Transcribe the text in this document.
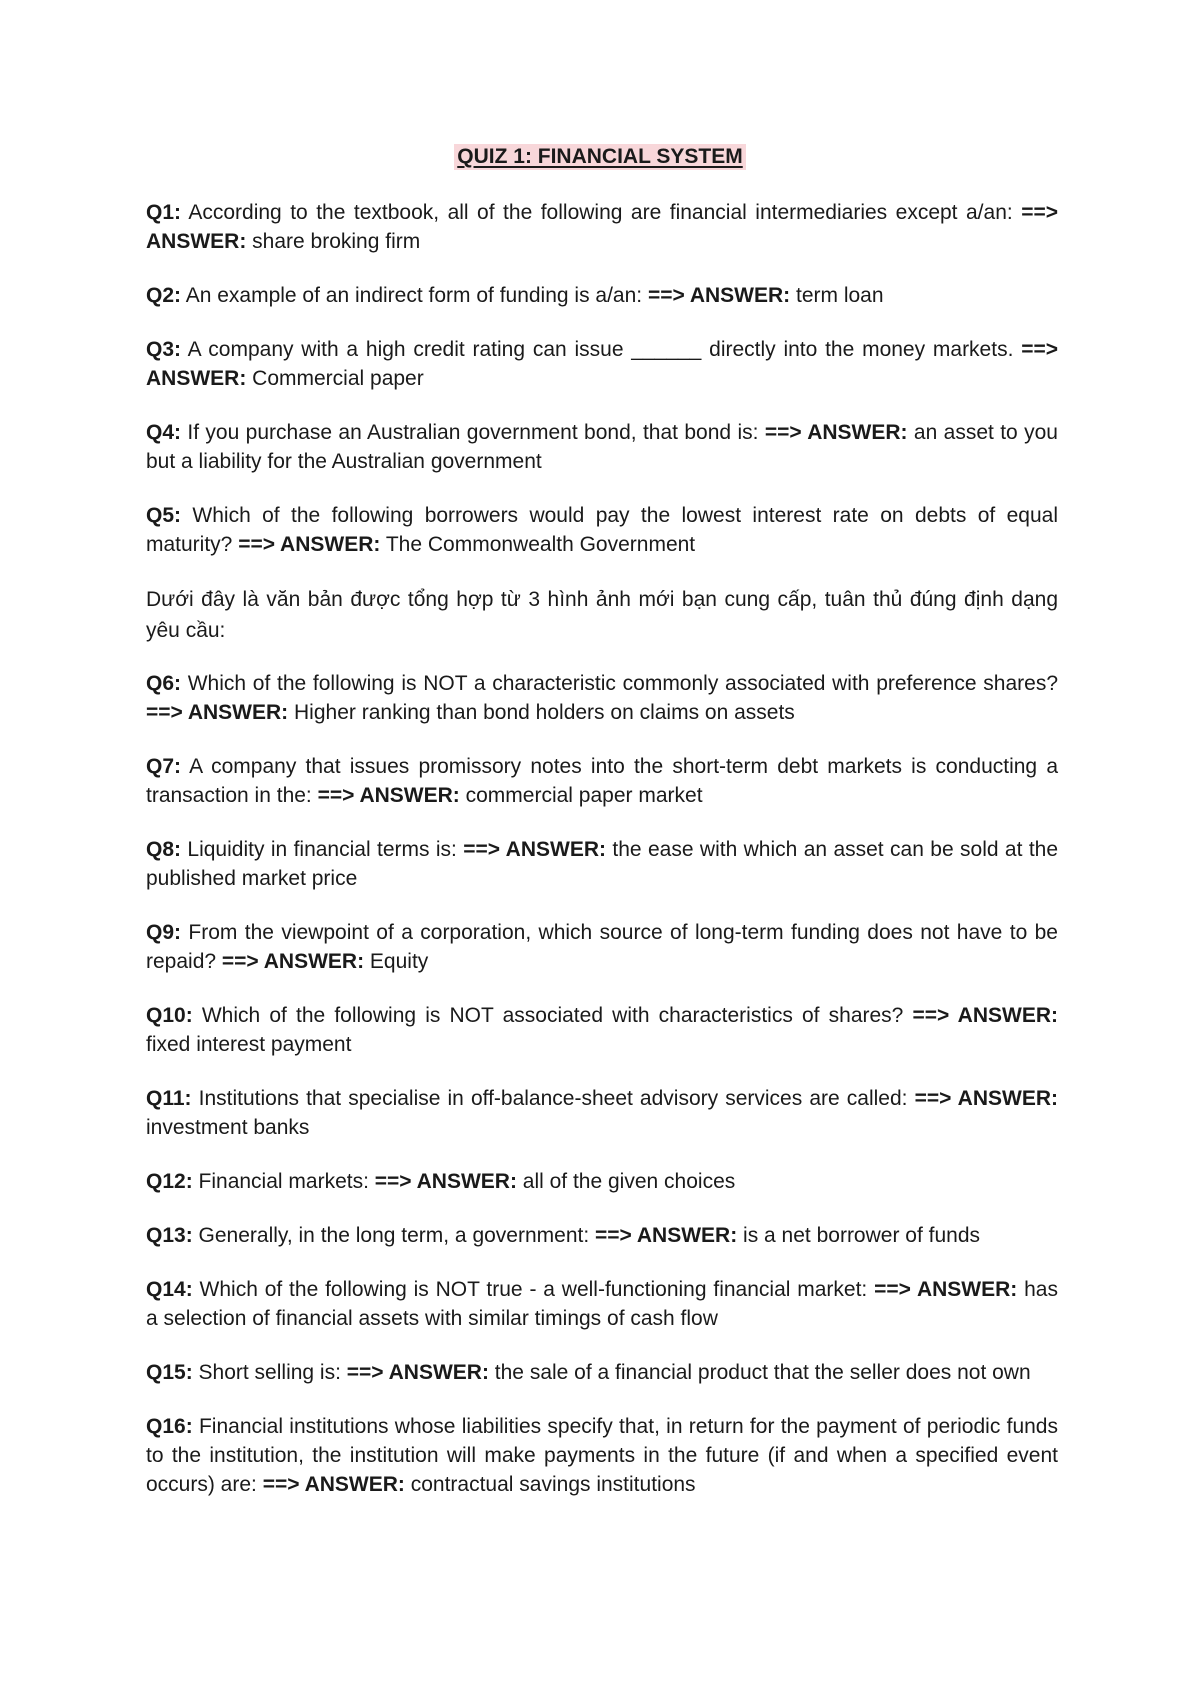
QUIZ 1: FINANCIAL SYSTEM

Q1: According to the textbook, all of the following are financial intermediaries except a/an: ==> ANSWER: share broking firm

Q2: An example of an indirect form of funding is a/an: ==> ANSWER: term loan

Q3: A company with a high credit rating can issue ______ directly into the money markets. ==> ANSWER: Commercial paper

Q4: If you purchase an Australian government bond, that bond is: ==> ANSWER: an asset to you but a liability for the Australian government

Q5: Which of the following borrowers would pay the lowest interest rate on debts of equal maturity? ==> ANSWER: The Commonwealth Government

Dưới đây là văn bản được tổng hợp từ 3 hình ảnh mới bạn cung cấp, tuân thủ đúng định dạng yêu cầu:

Q6: Which of the following is NOT a characteristic commonly associated with preference shares? ==> ANSWER: Higher ranking than bond holders on claims on assets

Q7: A company that issues promissory notes into the short-term debt markets is conducting a transaction in the: ==> ANSWER: commercial paper market

Q8: Liquidity in financial terms is: ==> ANSWER: the ease with which an asset can be sold at the published market price

Q9: From the viewpoint of a corporation, which source of long-term funding does not have to be repaid? ==> ANSWER: Equity

Q10: Which of the following is NOT associated with characteristics of shares? ==> ANSWER: fixed interest payment

Q11: Institutions that specialise in off-balance-sheet advisory services are called: ==> ANSWER: investment banks

Q12: Financial markets: ==> ANSWER: all of the given choices

Q13: Generally, in the long term, a government: ==> ANSWER: is a net borrower of funds

Q14: Which of the following is NOT true - a well-functioning financial market: ==> ANSWER: has a selection of financial assets with similar timings of cash flow

Q15: Short selling is: ==> ANSWER: the sale of a financial product that the seller does not own

Q16: Financial institutions whose liabilities specify that, in return for the payment of periodic funds to the institution, the institution will make payments in the future (if and when a specified event occurs) are: ==> ANSWER: contractual savings institutions
